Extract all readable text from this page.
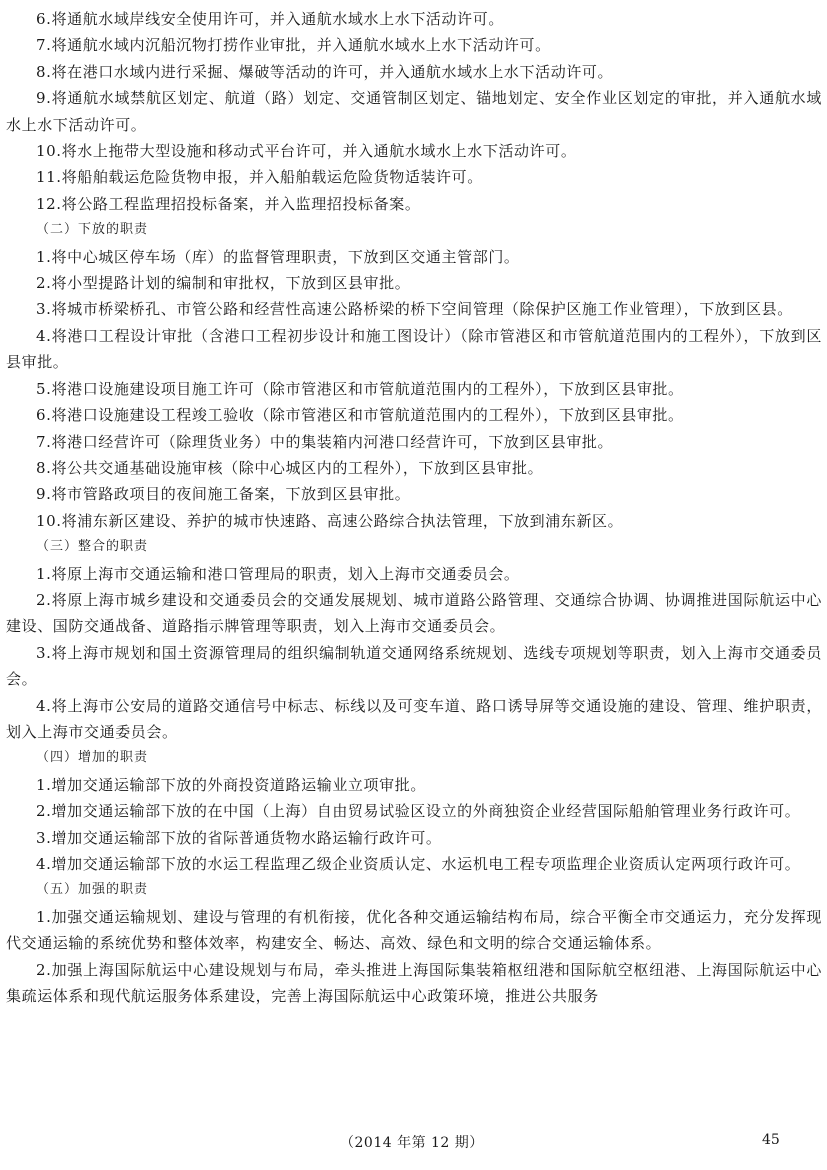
6.将通航水域岸线安全使用许可，并入通航水域水上水下活动许可。

7.将通航水域内沉船沉物打捞作业审批，并入通航水域水上水下活动许可。

8.将在港口水域内进行采掘、爆破等活动的许可，并入通航水域水上水下活动许可。

9.将通航水域禁航区划定、航道（路）划定、交通管制区划定、锚地划定、安全作业区划定的审批，并入通航水域水上水下活动许可。

10.将水上拖带大型设施和移动式平台许可，并入通航水域水上水下活动许可。

11.将船舶载运危险货物申报，并入船舶载运危险货物适装许可。

12.将公路工程监理招投标备案，并入监理招投标备案。

（二）下放的职责

1.将中心城区停车场（库）的监督管理职责，下放到区交通主管部门。

2.将小型提路计划的编制和审批权，下放到区县审批。

3.将城市桥梁桥孔、市管公路和经营性高速公路桥梁的桥下空间管理（除保护区施工作业管理），下放到区县。

4.将港口工程设计审批（含港口工程初步设计和施工图设计）（除市管港区和市管航道范围内的工程外），下放到区县审批。

5.将港口设施建设项目施工许可（除市管港区和市管航道范围内的工程外），下放到区县审批。

6.将港口设施建设工程竣工验收（除市管港区和市管航道范围内的工程外），下放到区县审批。

7.将港口经营许可（除理货业务）中的集装箱内河港口经营许可，下放到区县审批。

8.将公共交通基础设施审核（除中心城区内的工程外），下放到区县审批。

9.将市管路政项目的夜间施工备案，下放到区县审批。

10.将浦东新区建设、养护的城市快速路、高速公路综合执法管理，下放到浦东新区。

（三）整合的职责

1.将原上海市交通运输和港口管理局的职责，划入上海市交通委员会。

2.将原上海市城乡建设和交通委员会的交通发展规划、城市道路公路管理、交通综合协调、协调推进国际航运中心建设、国防交通战备、道路指示牌管理等职责，划入上海市交通委员会。

3.将上海市规划和国土资源管理局的组织编制轨道交通网络系统规划、选线专项规划等职责，划入上海市交通委员会。

4.将上海市公安局的道路交通信号中标志、标线以及可变车道、路口诱导屏等交通设施的建设、管理、维护职责，划入上海市交通委员会。

（四）增加的职责

1.增加交通运输部下放的外商投资道路运输业立项审批。

2.增加交通运输部下放的在中国（上海）自由贸易试验区设立的外商独资企业经营国际船舶管理业务行政许可。

3.增加交通运输部下放的省际普通货物水路运输行政许可。

4.增加交通运输部下放的水运工程监理乙级企业资质认定、水运机电工程专项监理企业资质认定两项行政许可。

（五）加强的职责

1.加强交通运输规划、建设与管理的有机衔接，优化各种交通运输结构布局，综合平衡全市交通运力，充分发挥现代交通运输的系统优势和整体效率，构建安全、畅达、高效、绿色和文明的综合交通运输体系。

2.加强上海国际航运中心建设规划与布局，牵头推进上海国际集装箱枢纽港和国际航空枢纽港、上海国际航运中心集疏运体系和现代航运服务体系建设，完善上海国际航运中心政策环境，推进公共服务

（2014 年第 12 期）	45
